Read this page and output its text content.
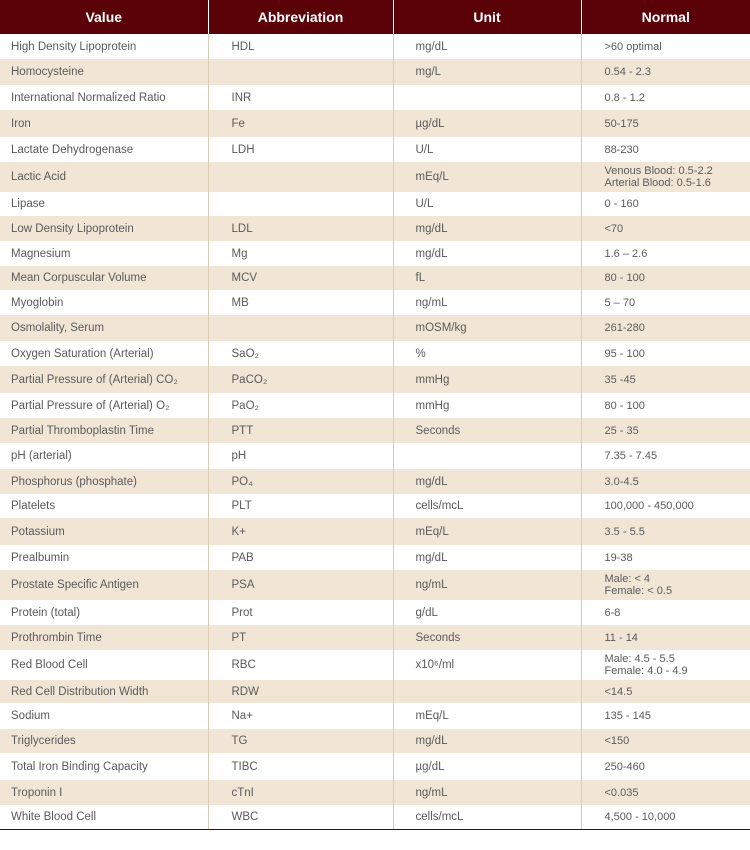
Value	Abbreviation	Unit	Normal
High Density Lipoprotein	HDL	mg/dL	>60 optimal
Homocysteine		mg/L	0.54 - 2.3
International Normalized Ratio	INR		0.8 - 1.2
Iron	Fe	µg/dL	50-175
Lactate Dehydrogenase	LDH	U/L	88-230
Lactic Acid		mEq/L	Venous Blood: 0.5-2.2
Arterial Blood: 0.5-1.6

Lipase		U/L	0 - 160
Low Density Lipoprotein	LDL	mg/dL	<70
Magnesium	Mg	mg/dL	1.6 – 2.6
Mean Corpuscular Volume	MCV	fL	80 - 100
Myoglobin	MB	ng/mL	5 – 70
Osmolality, Serum		mOSM/kg	261-280
Oxygen Saturation (Arterial)	SaO₂	%	95 - 100
Partial Pressure of (Arterial) CO₂	PaCO₂	mmHg	35 -45
Partial Pressure of (Arterial) O₂	PaO₂	mmHg	80 - 100
Partial Thromboplastin Time	PTT	Seconds	25 - 35
pH (arterial)	pH		7.35 - 7.45
Phosphorus (phosphate)	PO₄	mg/dL	3.0-4.5
Platelets	PLT	cells/mcL	100,000 - 450,000
Potassium	K+	mEq/L	3.5 - 5.5
Prealbumin	PAB	mg/dL	19-38
Prostate Specific Antigen	PSA	ng/mL	Male: < 4
Female: < 0.5

Protein (total)	Prot	g/dL	6-8
Prothrombin Time	PT	Seconds	11 - 14
Red Blood Cell	RBC	x10⁶/ml	Male: 4.5 - 5.5
Female: 4.0 - 4.9

Red Cell Distribution Width	RDW		<14.5
Sodium	Na+	mEq/L	135 - 145
Triglycerides	TG	mg/dL	<150
Total Iron Binding Capacity	TIBC	µg/dL	250-460
Troponin I	cTnI	ng/mL	<0.035
White Blood Cell	WBC	cells/mcL	4,500 - 10,000
